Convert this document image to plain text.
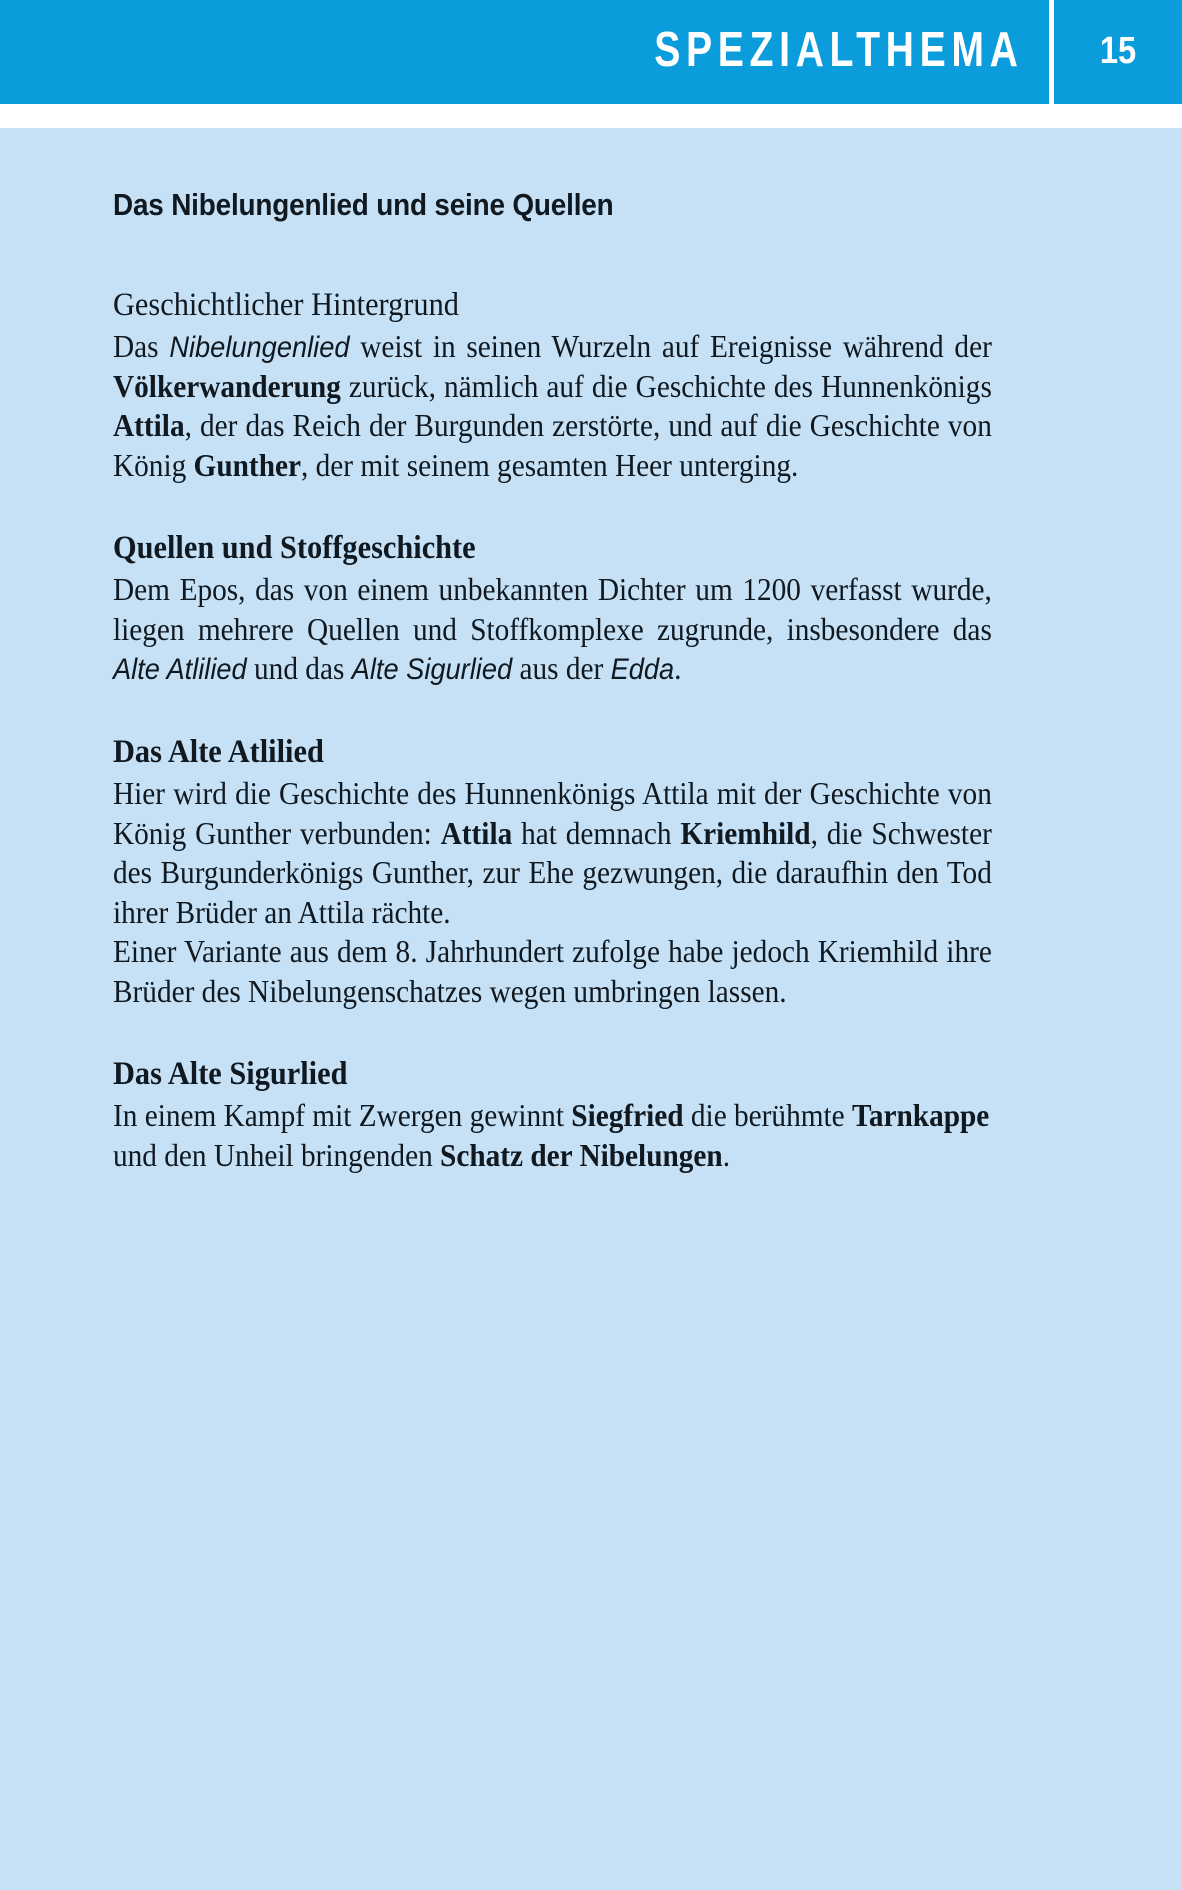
SPEZIALTHEMA	15
Das Nibelungenlied und seine Quellen
Geschichtlicher Hintergrund

Das Nibelungenlied weist in seinen Wurzeln auf Ereignisse während der Völkerwanderung zurück, nämlich auf die Geschichte des Hunnenkönigs Attila, der das Reich der Burgunden zerstörte, und auf die Geschichte von König Gunther, der mit seinem gesamten Heer unterging.

Quellen und Stoffgeschichte

Dem Epos, das von einem unbekannten Dichter um 1200 verfasst wurde, liegen mehrere Quellen und Stoffkomplexe zugrunde, insbesondere das Alte Atlilied und das Alte Sigurlied aus der Edda.

Das Alte Atlilied

Hier wird die Geschichte des Hunnenkönigs Attila mit der Geschichte von König Gunther verbunden: Attila hat demnach Kriemhild, die Schwester des Burgunderkönigs Gunther, zur Ehe gezwungen, die daraufhin den Tod ihrer Brüder an Attila rächte.

Einer Variante aus dem 8. Jahrhundert zufolge habe jedoch Kriemhild ihre Brüder des Nibelungenschatzes wegen umbringen lassen.

Das Alte Sigurlied

In einem Kampf mit Zwergen gewinnt Siegfried die berühmte Tarnkappe und den Unheil bringenden Schatz der Nibelungen.
